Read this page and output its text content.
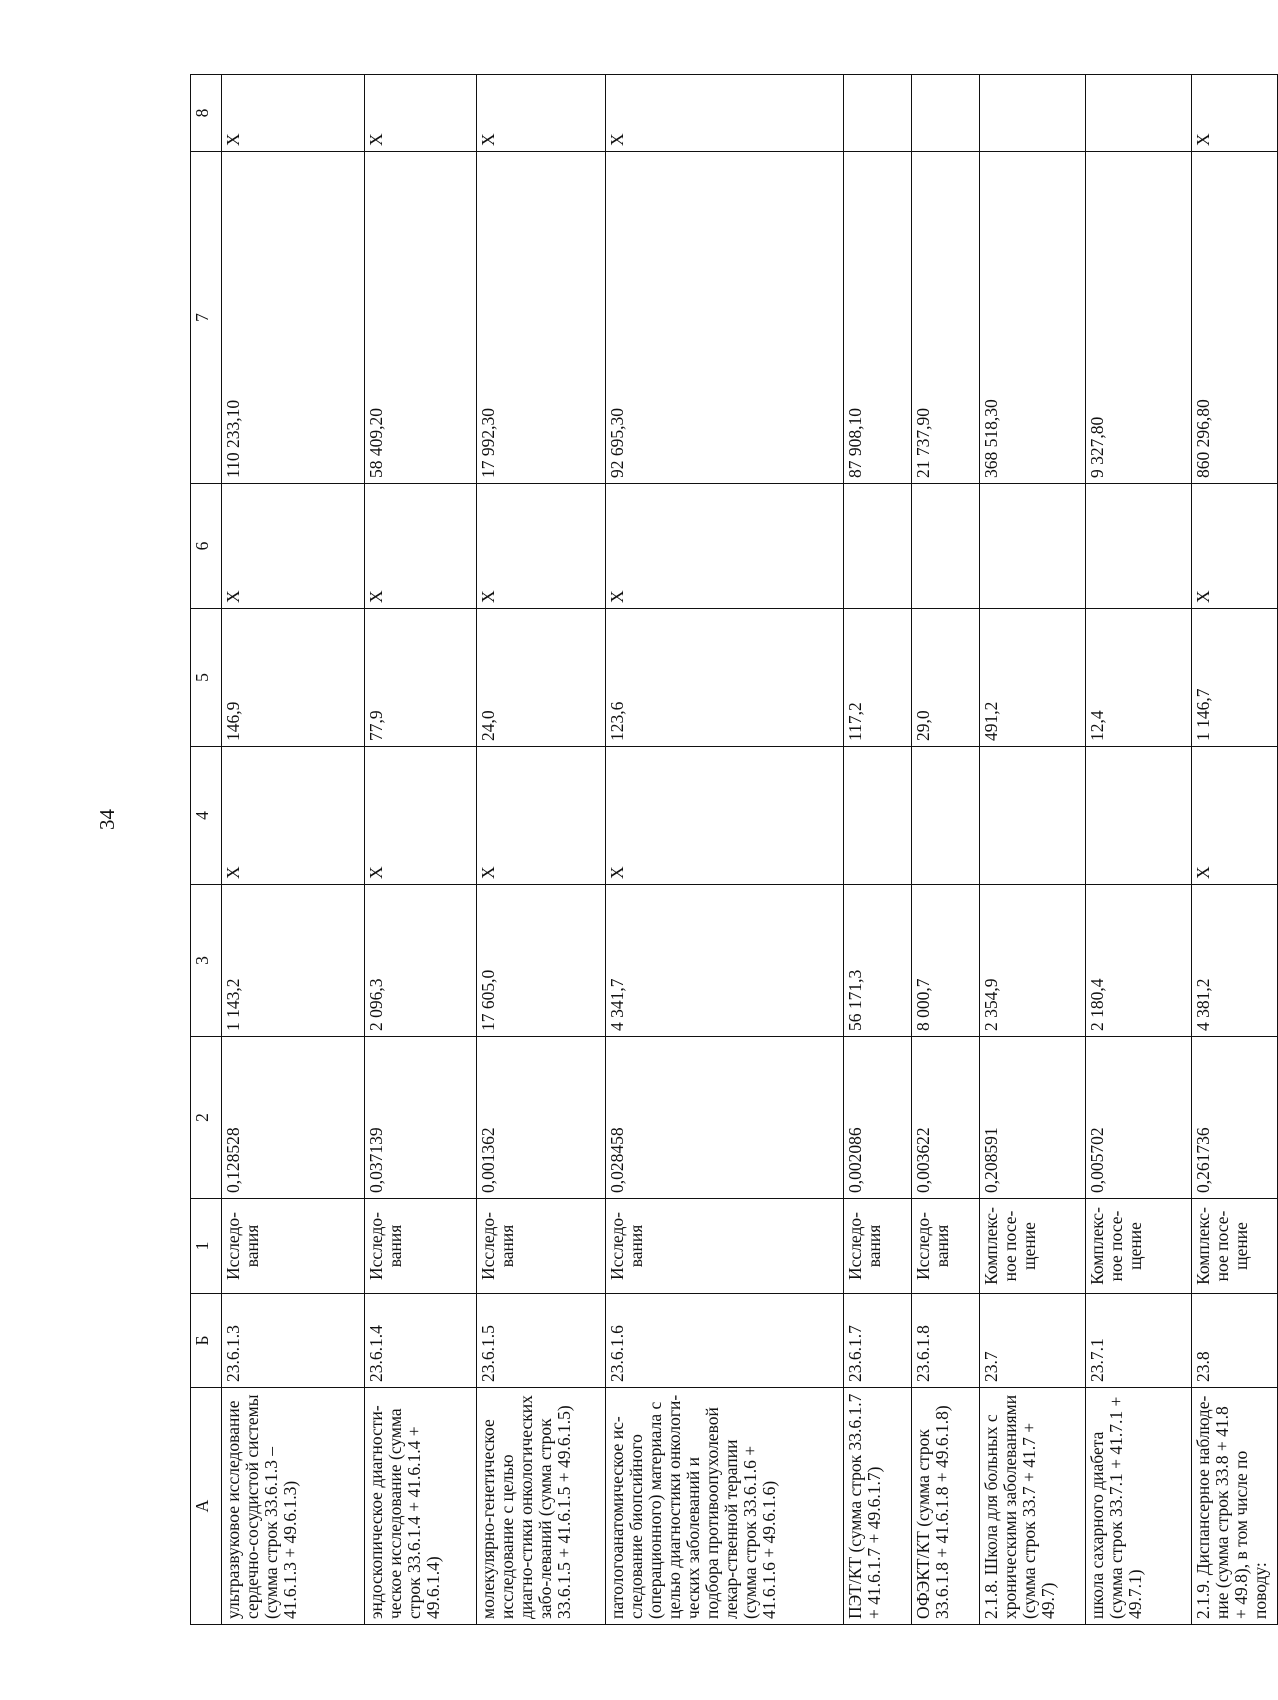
34
А	Б	1	2	3	4	5	6	7	8
ультразвуковое исследование сердечно-сосудистой системы (сумма строк 33.6.1.3 – 41.6.1.3 + 49.6.1.3)	23.6.1.3	Исследо-вания	0,128528	1 143,2	Х	146,9	Х	110 233,10	Х
эндоскопическое диагности-ческое исследование (сумма строк 33.6.1.4 + 41.6.1.4 + 49.6.1.4)	23.6.1.4	Исследо-вания	0,037139	2 096,3	Х	77,9	Х	58 409,20	Х
молекулярно-генетическое исследование с целью диагно-стики онкологических забо-леваний (сумма строк 33.6.1.5 + 41.6.1.5 + 49.6.1.5)	23.6.1.5	Исследо-вания	0,001362	17 605,0	Х	24,0	Х	17 992,30	Х
патологоанатомическое ис-следование биопсийного (операционного) материала с целью диагностики онкологи-ческих заболеваний и подбора противоопухолевой лекар-ственной терапии (сумма строк 33.6.1.6 + 41.6.1.6 + 49.6.1.6)	23.6.1.6	Исследо-вания	0,028458	4 341,7	Х	123,6	Х	92 695,30	Х
ПЭТ/КТ (сумма строк 33.6.1.7 + 41.6.1.7 + 49.6.1.7)	23.6.1.7	Исследо-вания	0,002086	56 171,3		117,2		87 908,10	
ОФЭКТ/КТ (сумма строк 33.6.1.8 + 41.6.1.8 + 49.6.1.8)	23.6.1.8	Исследо-вания	0,003622	8 000,7		29,0		21 737,90	
2.1.8. Школа для больных с хроническими заболеваниями (сумма строк 33.7 + 41.7 + 49.7)	23.7	Комплекс-ное посе-щение	0,208591	2 354,9		491,2		368 518,30	
школа сахарного диабета (сумма строк 33.7.1 + 41.7.1 + 49.7.1)	23.7.1	Комплекс-ное посе-щение	0,005702	2 180,4		12,4		9 327,80	
2.1.9. Диспансерное наблюде-ние (сумма строк 33.8 + 41.8 + 49.8), в том числе по поводу:	23.8	Комплекс-ное посе-щение	0,261736	4 381,2	Х	1 146,7	Х	860 296,80	Х
